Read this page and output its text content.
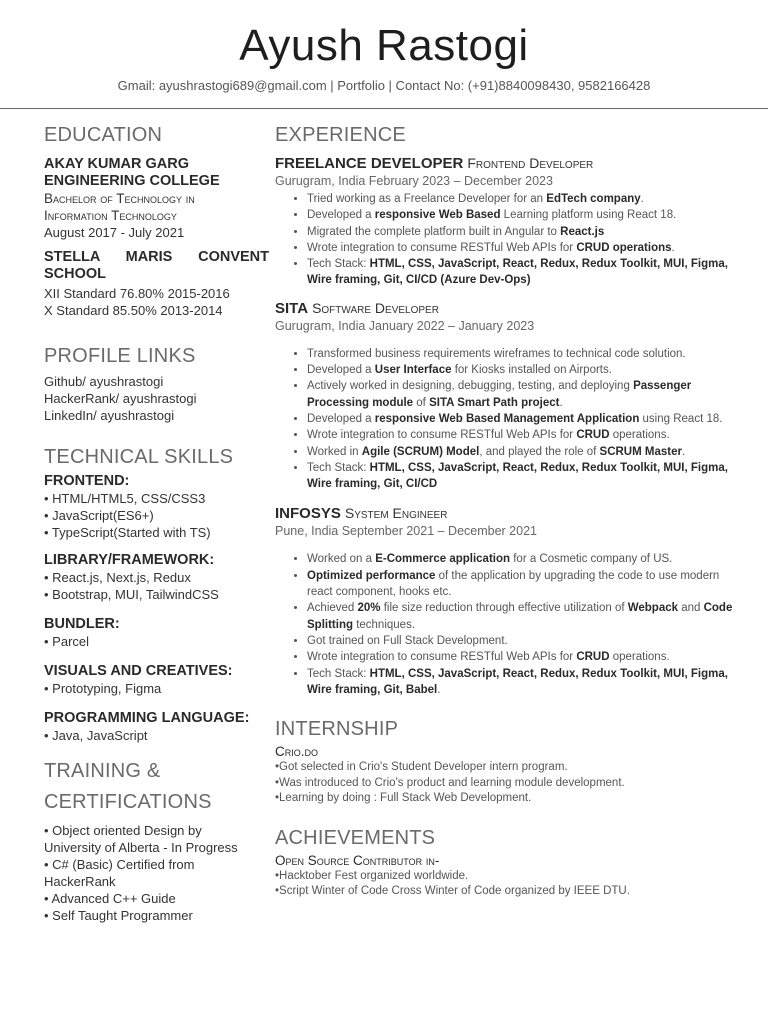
Ayush Rastogi
Gmail: ayushrastogi689@gmail.com | Portfolio | Contact No: (+91)8840098430, 9582166428
EDUCATION
AKAY KUMAR GARG
ENGINEERING COLLEGE
Bachelor of Technology in
Information Technology
August 2017 - July 2021
STELLA MARIS CONVENT
SCHOOL
XII Standard 76.80% 2015-2016
X Standard 85.50% 2013-2014
PROFILE LINKS
Github/ ayushrastogi
HackerRank/ ayushrastogi
LinkedIn/ ayushrastogi
TECHNICAL SKILLS
FRONTEND:
• HTML/HTML5, CSS/CSS3
• JavaScript(ES6+)
• TypeScript(Started with TS)
LIBRARY/FRAMEWORK:
• React.js, Next.js, Redux
• Bootstrap, MUI, TailwindCSS
BUNDLER:
• Parcel
VISUALS AND CREATIVES:
• Prototyping, Figma
PROGRAMMING LANGUAGE:
• Java, JavaScript
TRAINING &
CERTIFICATIONS
• Object oriented Design by
University of Alberta - In Progress
• C# (Basic) Certified from
HackerRank
• Advanced C++ Guide
• Self Taught Programmer
EXPERIENCE
FREELANCE DEVELOPER Frontend Developer
Gurugram, India February 2023 – December 2023
• Tried working as a Freelance Developer for an EdTech company.
• Developed a responsive Web Based Learning platform using React 18.
• Migrated the complete platform built in Angular to React.js
• Wrote integration to consume RESTful Web APIs for CRUD operations.
• Tech Stack: HTML, CSS, JavaScript, React, Redux, Redux Toolkit, MUI, Figma, Wire framing, Git, CI/CD (Azure Dev-Ops)
SITA Software Developer
Gurugram, India January 2022 – January 2023
• Transformed business requirements wireframes to technical code solution.
• Developed a User Interface for Kiosks installed on Airports.
• Actively worked in designing, debugging, testing, and deploying Passenger Processing module of SITA Smart Path project.
• Developed a responsive Web Based Management Application using React 18.
• Wrote integration to consume RESTful Web APIs for CRUD operations.
• Worked in Agile (SCRUM) Model, and played the role of SCRUM Master.
• Tech Stack: HTML, CSS, JavaScript, React, Redux, Redux Toolkit, MUI, Figma, Wire framing, Git, CI/CD
INFOSYS System Engineer
Pune, India September 2021 – December 2021
• Worked on a E-Commerce application for a Cosmetic company of US.
• Optimized performance of the application by upgrading the code to use modern react component, hooks etc.
• Achieved 20% file size reduction through effective utilization of Webpack and Code Splitting techniques.
• Got trained on Full Stack Development.
• Wrote integration to consume RESTful Web APIs for CRUD operations.
• Tech Stack: HTML, CSS, JavaScript, React, Redux, Redux Toolkit, MUI, Figma, Wire framing, Git, Babel.
INTERNSHIP
Crio.do
•Got selected in Crio's Student Developer intern program.
•Was introduced to Crio's product and learning module development.
•Learning by doing : Full Stack Web Development.
ACHIEVEMENTS
Open Source Contributor in-
•Hacktober Fest organized worldwide.
•Script Winter of Code Cross Winter of Code organized by IEEE DTU.
